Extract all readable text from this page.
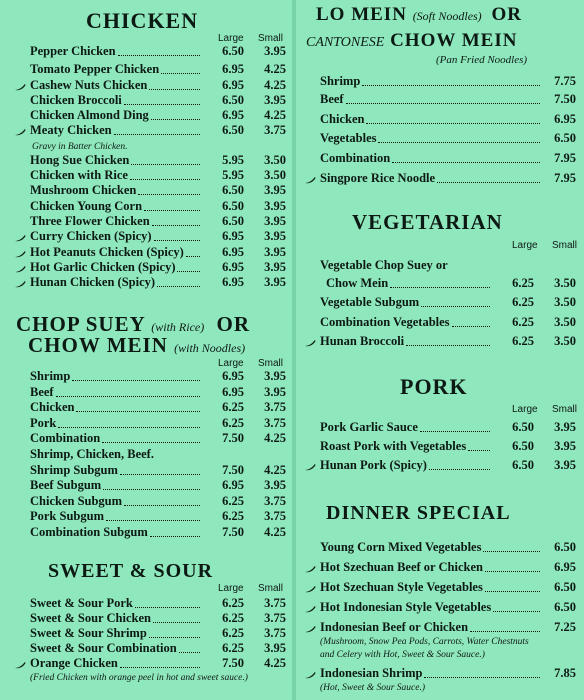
CHICKEN
Large Small
Pepper Chicken	6.50	3.95
Tomato Pepper Chicken	6.95	4.25
Cashew Nuts Chicken	6.95	4.25
Chicken Broccoli	6.50	3.95
Chicken Almond Ding	6.95	4.25
Meaty Chicken	6.50	3.75
Hong Sue Chicken	5.95	3.50
Chicken with Rice	5.95	3.50
Mushroom Chicken	6.50	3.95
Chicken Young Corn	6.50	3.95
Three Flower Chicken	6.50	3.95
Curry Chicken (Spicy)	6.95	3.95
Hot Peanuts Chicken (Spicy)	6.95	3.95
Hot Garlic Chicken (Spicy)	6.95	3.95
Hunan Chicken (Spicy)	6.95	3.95
Gravy in Batter Chicken.
CHOP SUEY (with Rice) OR
CHOW MEIN (with Noodles)
Large Small
Shrimp	6.95	3.95
Beef	6.95	3.95
Chicken	6.25	3.75
Pork	6.25	3.75
Combination	7.50	4.25
Shrimp, Chicken, Beef.
Shrimp Subgum	7.50	4.25
Beef Subgum	6.95	3.95
Chicken Subgum	6.25	3.75
Pork Subgum	6.25	3.75
Combination Subgum	7.50	4.25
SWEET & SOUR
Large Small
Sweet & Sour Pork	6.25	3.75
Sweet & Sour Chicken	6.25	3.75
Sweet & Sour Shrimp	6.25	3.75
Sweet & Sour Combination	6.25	3.95
Orange Chicken	7.50	4.25
(Fried Chicken with orange peel in hot and sweet sauce.)
LO MEIN (Soft Noodles) OR
CANTONESE CHOW MEIN
(Pan Fried Noodles)
Shrimp	7.75
Beef	7.50
Chicken	6.95
Vegetables	6.50
Combination	7.95
Singpore Rice Noodle	7.95
VEGETARIAN
Large Small
Vegetable Chop Suey or
Chow Mein	6.25	3.50
Vegetable Subgum	6.25	3.50
Combination Vegetables	6.25	3.50
Hunan Broccoli	6.25	3.50
PORK
Large Small
Pork Garlic Sauce	6.50	3.95
Roast Pork with Vegetables	6.50	3.95
Hunan Pork (Spicy)	6.50	3.95
DINNER SPECIAL
Young Corn Mixed Vegetables	6.50
Hot Szechuan Beef or Chicken	6.95
Hot Szechuan Style Vegetables	6.50
Hot Indonesian Style Vegetables	6.50
Indonesian Beef or Chicken	7.25
Indonesian Shrimp	7.85
(Mushroom, Snow Pea Pods, Carrots, Water Chestnuts
and Celery with Hot, Sweet & Sour Sauce.)
(Hot, Sweet & Sour Sauce.)
